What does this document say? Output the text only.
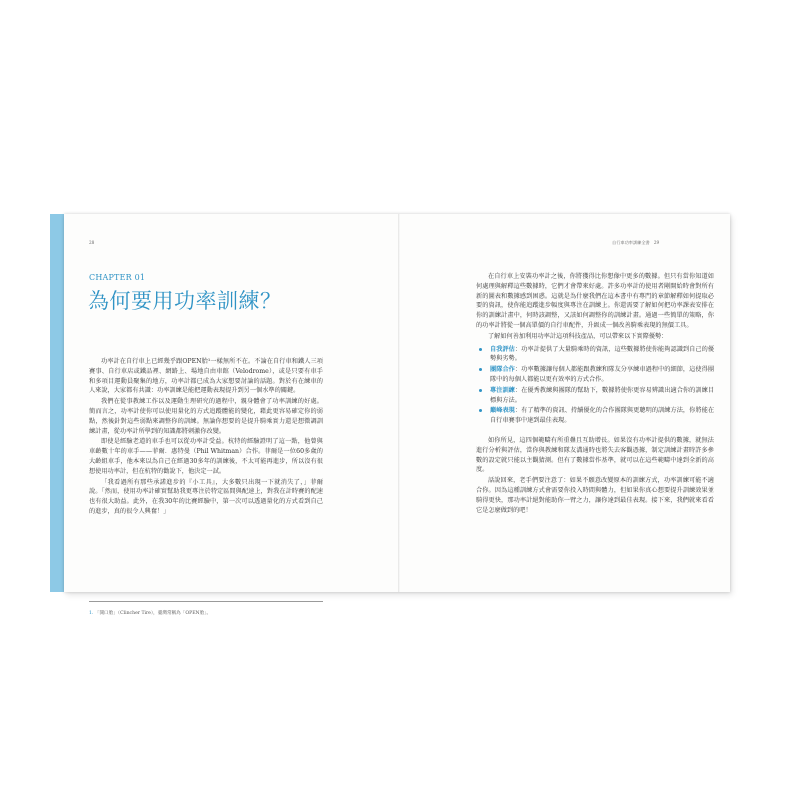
28	自行車功率訓練全書　29
CHAPTER 01
為何要用功率訓練？

功率計在自行車上已經幾乎跟OPEN胎¹一樣無所不在。不論在自行車和鐵人三項賽事、自行車店或鐵品裡、網路上、場地自由車館（Velodrome），或是只要有車手和多項目運動員聚集的地方，功率計都已成為大家想要討論的話題。對於有在練車的人來說，大家都有共識：功率訓練是能把運動表現提升到另一個水準的關鍵。

我們在從事教練工作以及運動生理研究的過程中，親身體會了功率訓練的好處。簡而言之，功率計使你可以使用量化的方式追蹤體能的變化，藉此更容易確定你的弱點，然後針對這些弱點來調整你的訓練。無論你想要的是提升騎乘實力還是想微調訓練計畫，從功率計所學到的知識都將刺激你改變。

即使是經驗老道的車手也可以從功率計受益。杭特的經驗證明了這一點，他曾與車齡數十年的車手——菲爾．惠特曼（Phil Whitman）合作。菲爾是一位60多歲的大齡組車手，他本來以為自己在經過30多年的訓練後，不太可能再進步，所以沒有很想使用功率計，但在杭特的勸說下，他決定一試。

「我看過所有那些承諾進步的『小工具』，大多數只出現一下就消失了，」菲爾說。「然而，使用功率計確實幫助我更專注於特定區間與配速上，對我在計時賽的配速也有很大助益。此外，在我30年的比賽經驗中，第一次可以透過量化的方式看到自己的進步，真的很令人興奮！」

1. 「開口胎」（Clincher Tire），臺灣常稱為「OPEN胎」。

在自行車上安裝功率計之後，你將獲得比你想像中更多的數據。但只有當你知道如何處理與解釋這些數據時，它們才會帶來好處。許多功率計的使用者剛開始時會對所有新的圖表和數據感到困惑。這就是為什麼我們在這本書中有專門的章節解釋如何提取必要的資訊，使你能追蹤進步幅度與專注在訓練上。你還需要了解如何把功率課表安排在你的訓練計畫中，何時該調整，又該如何調整你的訓練計畫。通過一些簡單的策略，你的功率計將從一個高單價的自行車配件，升級成一個改善騎乘表現的無價工具。

了解如何善加利用功率計這項科技產品，可以帶來以下實際優勢：

自我評估：功率計提供了大量騎乘時的資訊，這些數據將使你能夠認識到自己的優勢與劣勢。
團隊合作：功率數據讓每個人都能跟教練和隊友分享練車過程中的細節，這使得團隊中的每個人都能以更有效率的方式合作。
專注訓練：在優秀教練與團隊的幫助下，數據將使你更容易辨識出適合你的訓練目標與方法。
巔峰表現：有了精準的資訊、持續優化的合作團隊與更聰明的訓練方法，你將能在自行車賽事中達到最佳表現。

如你所見，這四個範疇有所重疊且互助增長。如果沒有功率計提供的數據，就無法進行分析與評估，當你與教練和隊友溝通時也將失去客觀憑據，制定訓練計畫時許多參數的設定就只能以主觀猜測。但有了數據當作基準，就可以在這些範疇中達到全新的高度。

話說回來，老手們要注意了：如果不願意改變原本的訓練方式，功率訓練可能不適合你。因為這種訓練方式會需要你投入時間與體力，但如果你真心想要提升訓練效果並騎得更快，那功率計絕對能助你一臂之力，讓你達到最佳表現。接下來，我們就來看看它是怎麼做到的吧！
